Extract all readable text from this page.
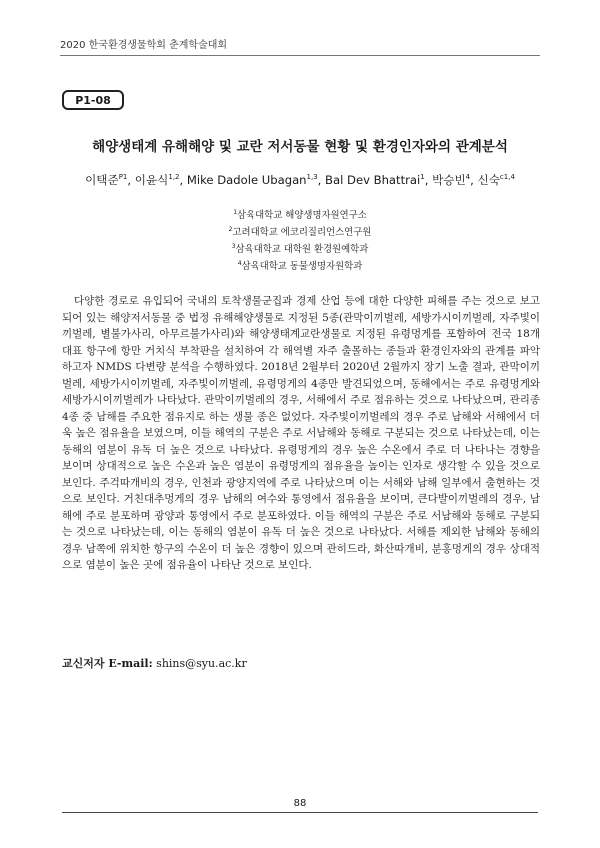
2020 한국환경생물학회 춘계학술대회
P1-08
해양생태계 유해해양 및 교란 저서동물 현황 및 환경인자와의 관계분석
이택준$^{P1}$, 이윤식$^{1,2}$, Mike Dadole Ubagan$^{1,3}$, Bal Dev Bhattrai$^1$, 박승빈$^4$, 신숙$^{c1,4}$
$^1$삼육대학교 해양생명자원연구소
$^2$고려대학교 에코리질리언스연구원
$^3$삼육대학교 대학원 환경원예학과
$^4$삼육대학교 동물생명자원학과

다양한 경로로 유입되어 국내의 토착생물군집과 경제 산업 등에 대한 다양한 피해를 주는 것으로 보고되어 있는 해양저서동물 중 법정 유해해양생물로 지정된 5종(관막이끼벌레, 세방가시이끼벌레, 자주빛이끼벌레, 별불가사리, 아무르불가사리)와 해양생태계교란생물로 지정된 유령멍게를 포함하여 전국 18개 대표 항구에 항만 거치식 부착판을 설치하여 각 해역별 자주 출몰하는 종들과 환경인자와의 관계를 파악하고자 NMDS 다변량 분석을 수행하였다. 2018년 2월부터 2020년 2월까지 장기 노출 결과, 관막이끼벌레, 세방가시이끼벌레, 자주빛이끼벌레, 유령멍게의 4종만 발견되었으며, 동해에서는 주로 유령멍게와 세방가시이끼벌레가 나타났다. 관막이끼벌레의 경우, 서해에서 주로 점유하는 것으로 나타났으며, 관리종 4종 중 남해를 주요한 점유지로 하는 생물 종은 없었다. 자주빛이끼벌레의 경우 주로 남해와 서해에서 더욱 높은 점유율을 보였으며, 이들 해역의 구분은 주로 서남해와 동해로 구분되는 것으로 나타났는데, 이는 동해의 염분이 유독 더 높은 것으로 나타났다. 유령멍게의 경우 높은 수온에서 주로 더 나타나는 경향을 보이며 상대적으로 높은 수온과 높은 염분이 유령멍게의 점유율을 높이는 인자로 생각할 수 있을 것으로 보인다. 주걱따개비의 경우, 인천과 광양지역에 주로 나타났으며 이는 서해와 남해 일부에서 출현하는 것으로 보인다. 거친대추멍게의 경우 남해의 여수와 통영에서 점유율을 보이며, 큰다발이끼벌레의 경우, 남해에 주로 분포하며 광양과 통영에서 주로 분포하였다. 이들 해역의 구분은 주로 서남해와 동해로 구분되는 것으로 나타났는데, 이는 동해의 염분이 유독 더 높은 것으로 나타났다. 서해를 제외한 남해와 동해의 경우 남쪽에 위치한 항구의 수온이 더 높은 경향이 있으며 관히드라, 화산따개비, 분홍멍게의 경우 상대적으로 염분이 높은 곳에 점유율이 나타난 것으로 보인다.

교신저자 E-mail: shins@syu.ac.kr
88
